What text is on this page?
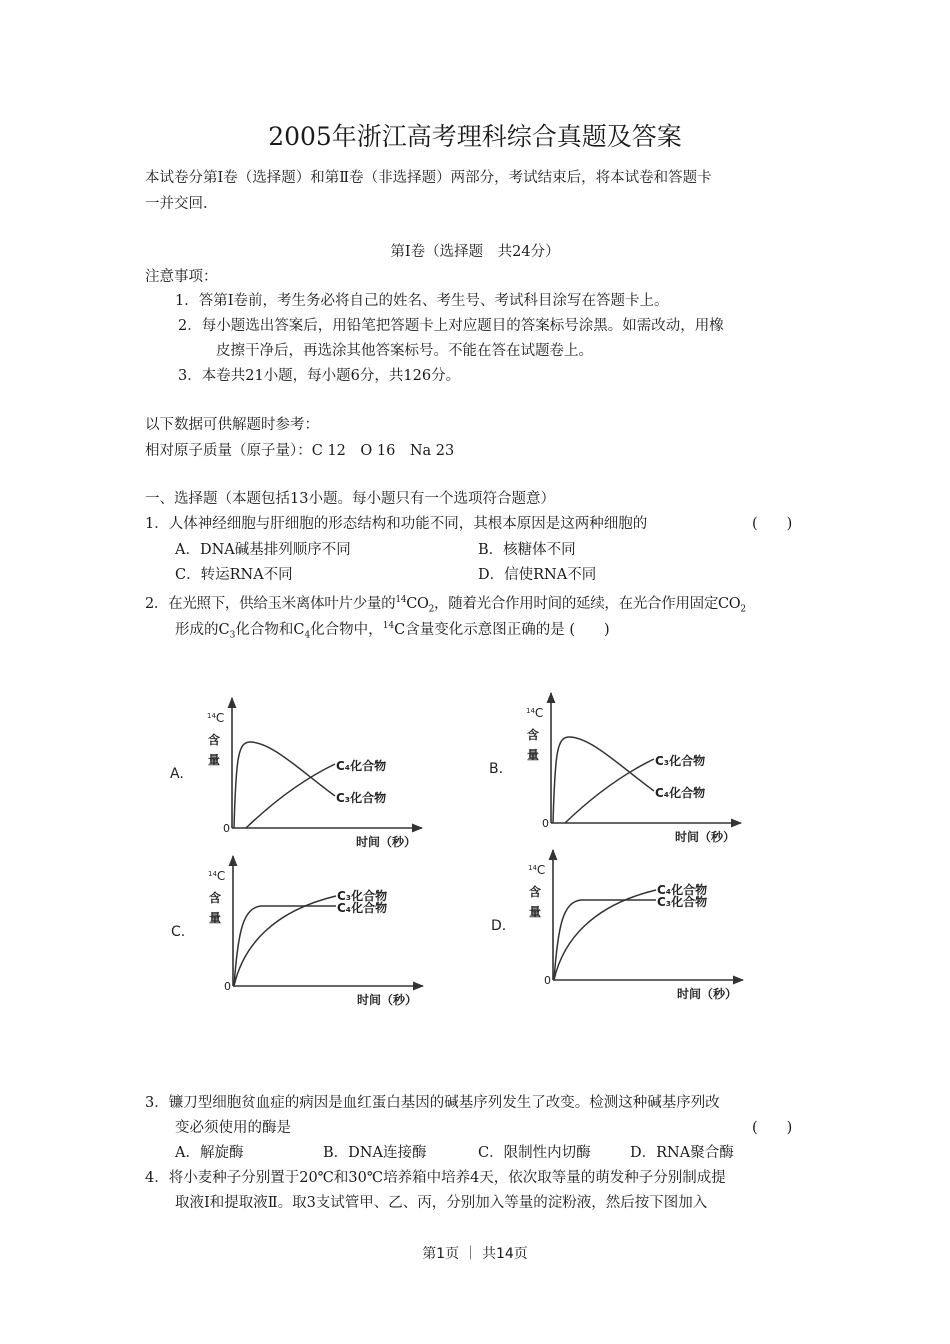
2005年浙江高考理科综合真题及答案
本试卷分第Ⅰ卷（选择题）和第Ⅱ卷（非选择题）两部分，考试结束后，将本试卷和答题卡
一并交回.
第Ⅰ卷（选择题　共24分）
注意事项：
1．答第Ⅰ卷前，考生务必将自己的姓名、考生号、考试科目涂写在答题卡上。
2．每小题选出答案后，用铅笔把答题卡上对应题目的答案标号涂黑。如需改动，用橡
皮擦干净后，再选涂其他答案标号。不能在答在试题卷上。
3．本卷共21小题，每小题6分，共126分。
以下数据可供解题时参考：
相对原子质量（原子量）：C 12　O 16　Na 23
一、选择题（本题包括13小题。每小题只有一个选项符合题意）
1．人体神经细胞与肝细胞的形态结构和功能不同，其根本原因是这两种细胞的	(　　)
A．DNA碱基排列顺序不同	B．核糖体不同
C．转运RNA不同	D．信使RNA不同
2．在光照下，供给玉米离体叶片少量的$^{14}CO_2$，随着光合作用时间的延续，在光合作用固定$CO_2$
形成的$C_3$化合物和$C_4$化合物中，$^{14}$C含量变化示意图正确的是 (　　)
A.
$^{14}$C
含
量
0
时间（秒）
C₄化合物
C₃化合物
B.
$^{14}$C
含
量
0
时间（秒）
C₃化合物
C₄化合物
C.
$^{14}$C
含
量
0
时间（秒）
C₃化合物
C₄化合物
D.
$^{14}$C
含
量
0
时间（秒）
C₄化合物
C₃化合物
3．镰刀型细胞贫血症的病因是血红蛋白基因的碱基序列发生了改变。检测这种碱基序列改
变必须使用的酶是	(　　)
A．解旋酶	B．DNA连接酶	C．限制性内切酶	D．RNA聚合酶
4．将小麦种子分别置于20℃和30℃培养箱中培养4天，依次取等量的萌发种子分别制成提
取液Ⅰ和提取液Ⅱ。取3支试管甲、乙、丙，分别加入等量的淀粉液，然后按下图加入
第1页 ｜ 共14页
